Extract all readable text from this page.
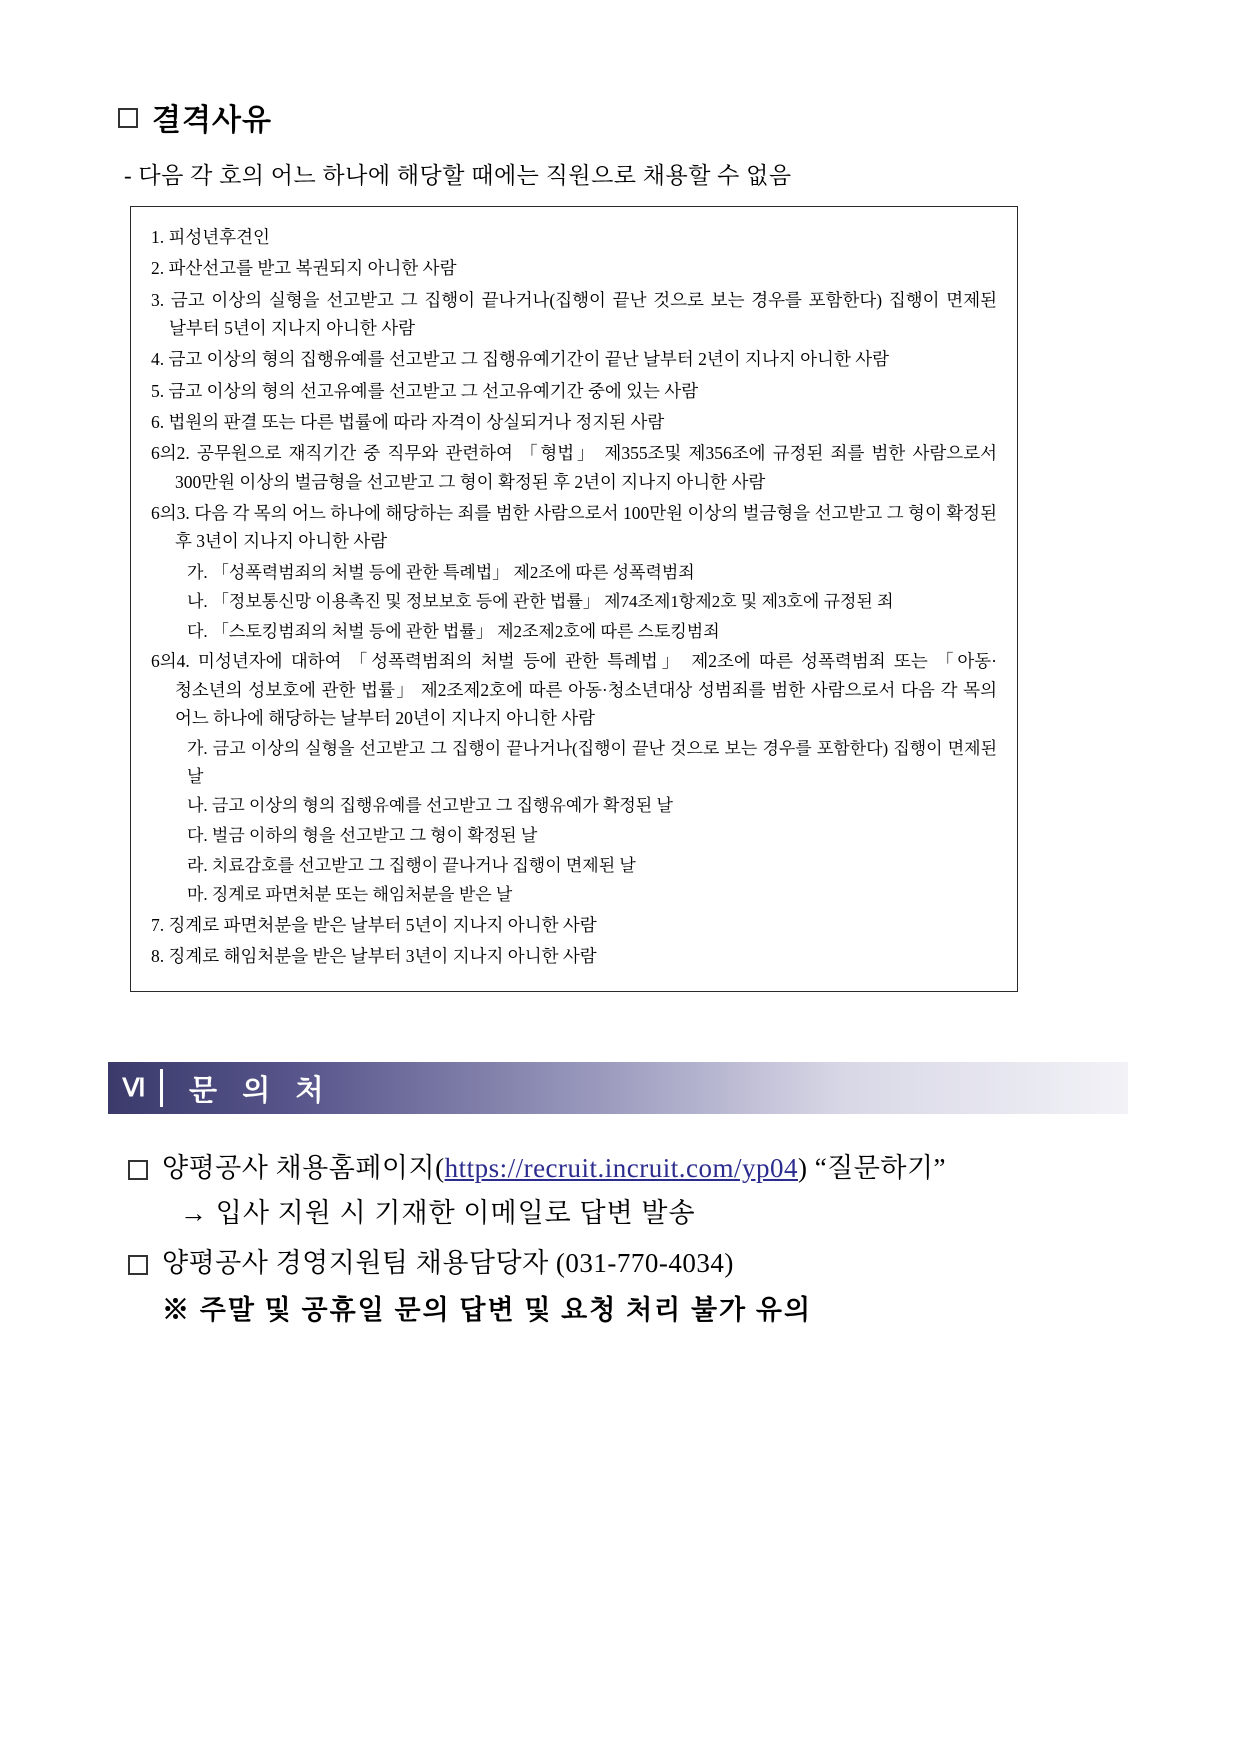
결격사유
- 다음 각 호의 어느 하나에 해당할 때에는 직원으로 채용할 수 없음
1. 피성년후견인
2. 파산선고를 받고 복권되지 아니한 사람
3. 금고 이상의 실형을 선고받고 그 집행이 끝나거나(집행이 끝난 것으로 보는 경우를 포함한다) 집행이 면제된 날부터 5년이 지나지 아니한 사람
4. 금고 이상의 형의 집행유예를 선고받고 그 집행유예기간이 끝난 날부터 2년이 지나지 아니한 사람
5. 금고 이상의 형의 선고유예를 선고받고 그 선고유예기간 중에 있는 사람
6. 법원의 판결 또는 다른 법률에 따라 자격이 상실되거나 정지된 사람
6의2. 공무원으로 재직기간 중 직무와 관련하여 「형법」 제355조및 제356조에 규정된 죄를 범한 사람으로서 300만원 이상의 벌금형을 선고받고 그 형이 확정된 후 2년이 지나지 아니한 사람
6의3. 다음 각 목의 어느 하나에 해당하는 죄를 범한 사람으로서 100만원 이상의 벌금형을 선고받고 그 형이 확정된 후 3년이 지나지 아니한 사람
가. 「성폭력범죄의 처벌 등에 관한 특례법」 제2조에 따른 성폭력범죄
나. 「정보통신망 이용촉진 및 정보보호 등에 관한 법률」 제74조제1항제2호 및 제3호에 규정된 죄
다. 「스토킹범죄의 처벌 등에 관한 법률」 제2조제2호에 따른 스토킹범죄
6의4. 미성년자에 대하여 「성폭력범죄의 처벌 등에 관한 특례법」 제2조에 따른 성폭력범죄 또는 「아동·청소년의 성보호에 관한 법률」 제2조제2호에 따른 아동·청소년대상 성범죄를 범한 사람으로서 다음 각 목의 어느 하나에 해당하는 날부터 20년이 지나지 아니한 사람
가. 금고 이상의 실형을 선고받고 그 집행이 끝나거나(집행이 끝난 것으로 보는 경우를 포함한다) 집행이 면제된 날
나. 금고 이상의 형의 집행유예를 선고받고 그 집행유예가 확정된 날
다. 벌금 이하의 형을 선고받고 그 형이 확정된 날
라. 치료감호를 선고받고 그 집행이 끝나거나 집행이 면제된 날
마. 징계로 파면처분 또는 해임처분을 받은 날
7. 징계로 파면처분을 받은 날부터 5년이 지나지 아니한 사람
8. 징계로 해임처분을 받은 날부터 3년이 지나지 아니한 사람
Ⅵ	문 의 처
양평공사 채용홈페이지(https://recruit.incruit.com/yp04) “질문하기”
→ 입사 지원 시 기재한 이메일로 답변 발송
양평공사 경영지원팀 채용담당자 (031-770-4034)
※ 주말 및 공휴일 문의 답변 및 요청 처리 불가 유의
